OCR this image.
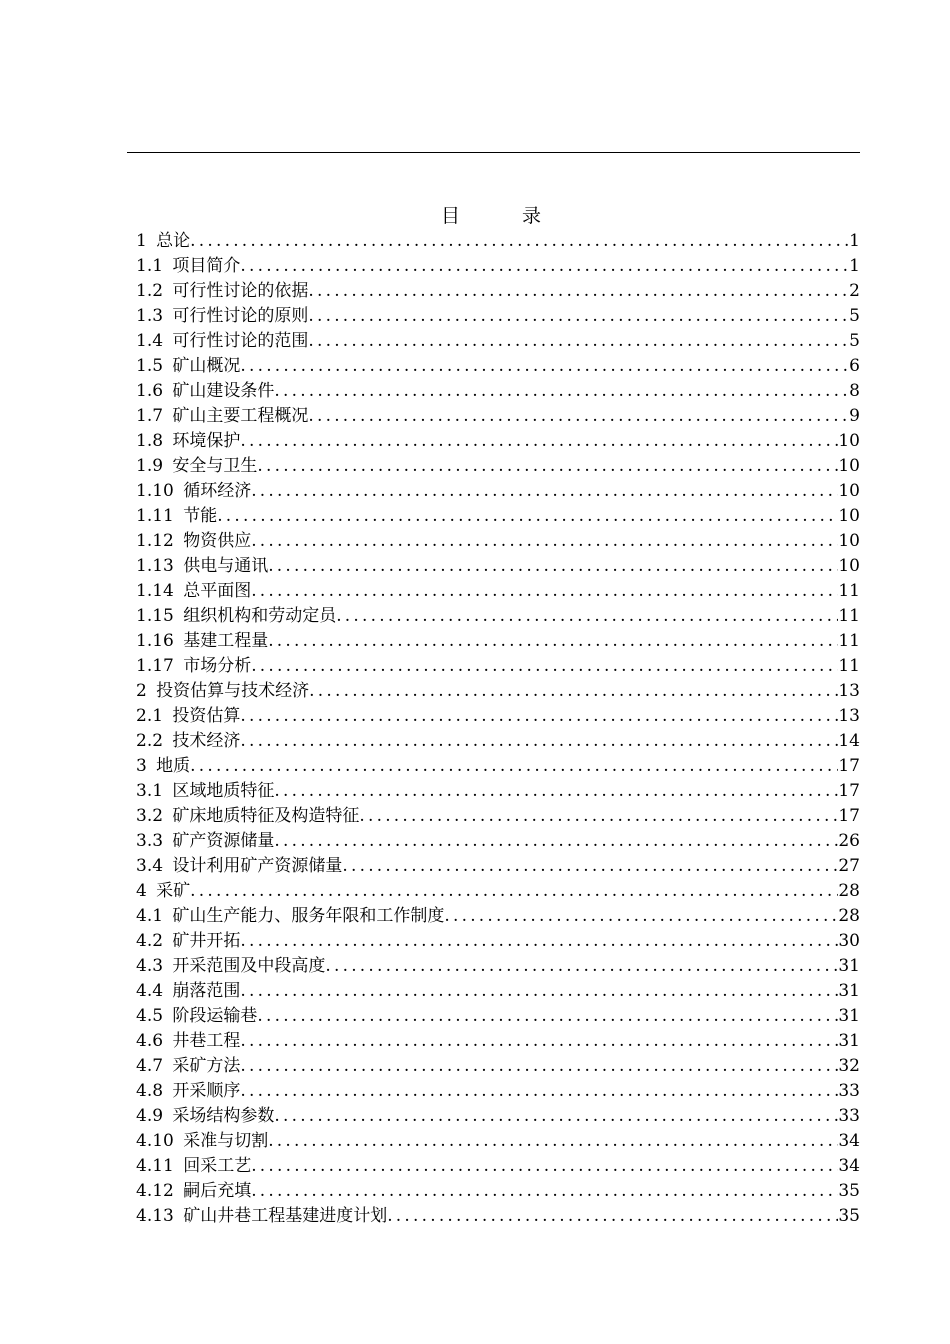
目 录
1 总论 .....	1
1.1 项目简介 .....	1
1.2 可行性讨论的依据 .....	2
1.3 可行性讨论的原则 .....	5
1.4 可行性讨论的范围 .....	5
1.5 矿山概况 .....	6
1.6 矿山建设条件 .....	8
1.7 矿山主要工程概况 .....	9
1.8 环境保护 .....	10
1.9 安全与卫生 .....	10
1.10 循环经济 .....	10
1.11 节能 .....	10
1.12 物资供应 .....	10
1.13 供电与通讯 .....	10
1.14 总平面图 .....	11
1.15 组织机构和劳动定员 .....	11
1.16 基建工程量 .....	11
1.17 市场分析 .....	11
2 投资估算与技术经济 .....	13
2.1 投资估算 .....	13
2.2 技术经济 .....	14
3 地质 .....	17
3.1 区域地质特征 .....	17
3.2 矿床地质特征及构造特征 .....	17
3.3 矿产资源储量 .....	26
3.4 设计利用矿产资源储量 .....	27
4 采矿 .....	28
4.1 矿山生产能力、服务年限和工作制度 .....	28
4.2 矿井开拓 .....	30
4.3 开采范围及中段高度 .....	31
4.4 崩落范围 .....	31
4.5 阶段运输巷 .....	31
4.6 井巷工程 .....	31
4.7 采矿方法 .....	32
4.8 开采顺序 .....	33
4.9 采场结构参数 .....	33
4.10 采准与切割 .....	34
4.11 回采工艺 .....	34
4.12 嗣后充填 .....	35
4.13 矿山井巷工程基建进度计划 .....	35
